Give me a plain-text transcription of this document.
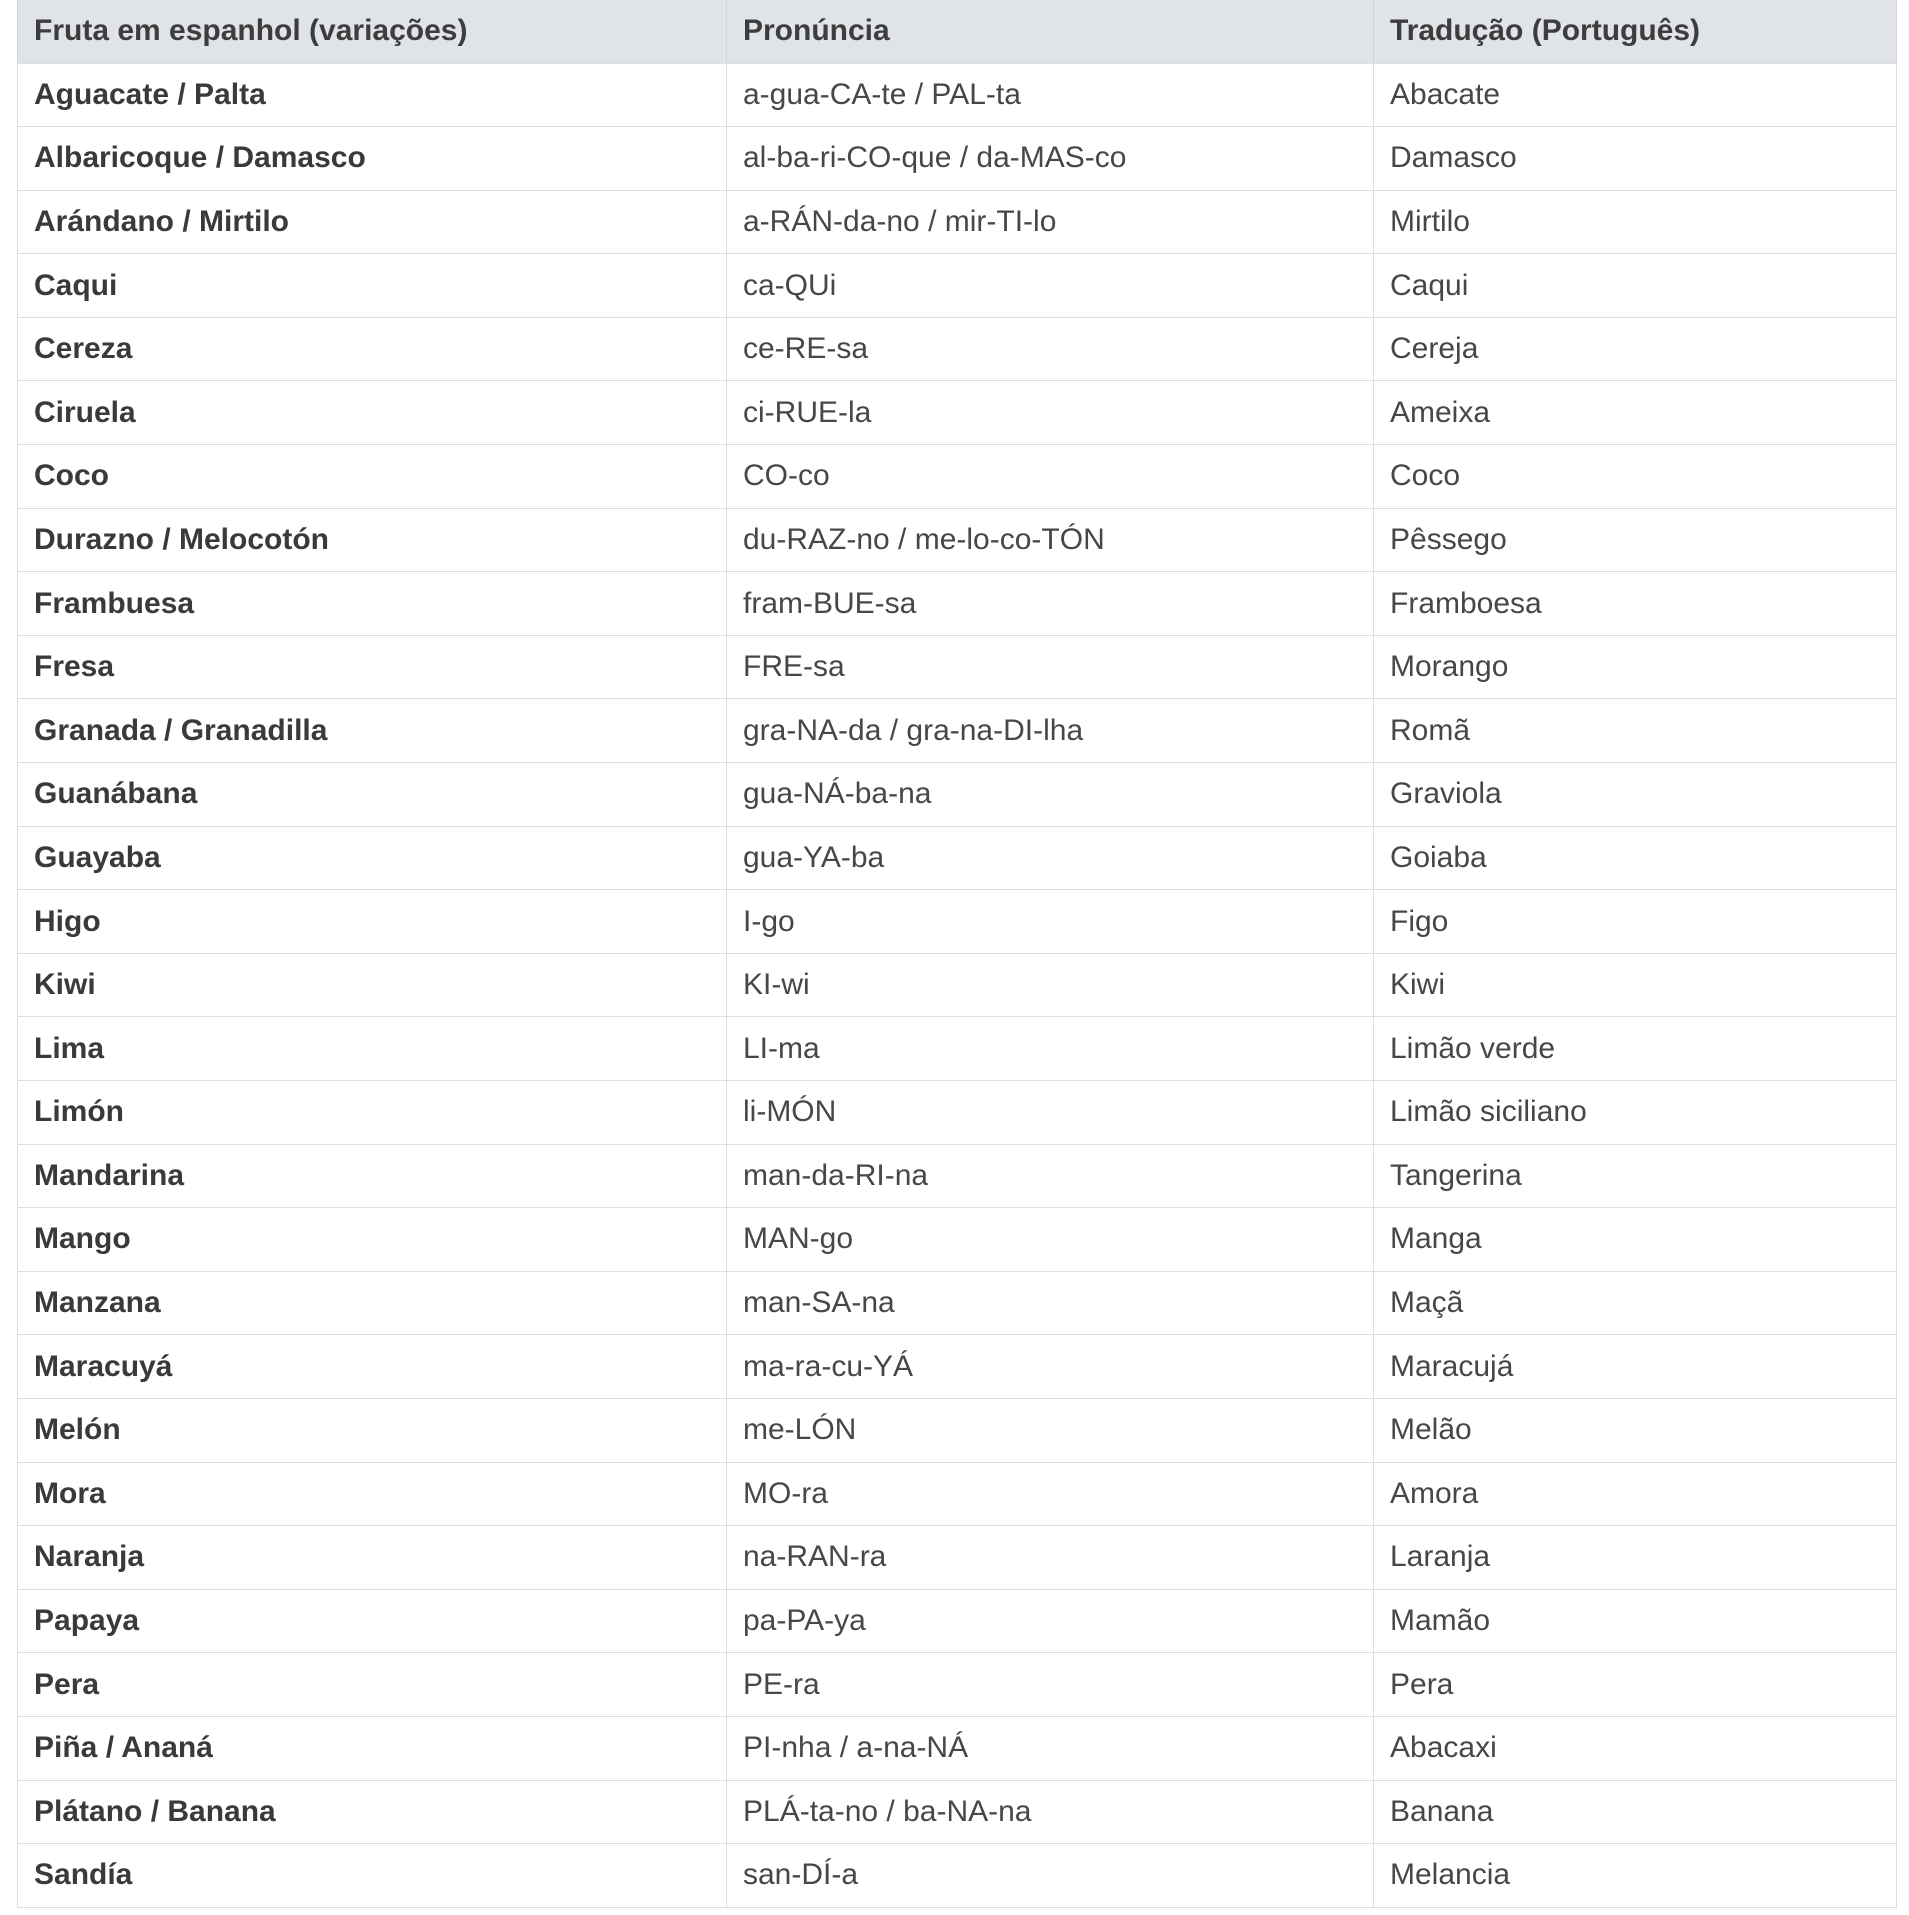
Fruta em espanhol (variações)	Pronúncia	Tradução (Português)
Aguacate / Palta	a-gua-CA-te / PAL-ta	Abacate
Albaricoque / Damasco	al-ba-ri-CO-que / da-MAS-co	Damasco
Arándano / Mirtilo	a-RÁN-da-no / mir-TI-lo	Mirtilo
Caqui	ca-QUi	Caqui
Cereza	ce-RE-sa	Cereja
Ciruela	ci-RUE-la	Ameixa
Coco	CO-co	Coco
Durazno / Melocotón	du-RAZ-no / me-lo-co-TÓN	Pêssego
Frambuesa	fram-BUE-sa	Framboesa
Fresa	FRE-sa	Morango
Granada / Granadilla	gra-NA-da / gra-na-DI-lha	Romã
Guanábana	gua-NÁ-ba-na	Graviola
Guayaba	gua-YA-ba	Goiaba
Higo	I-go	Figo
Kiwi	KI-wi	Kiwi
Lima	LI-ma	Limão verde
Limón	li-MÓN	Limão siciliano
Mandarina	man-da-RI-na	Tangerina
Mango	MAN-go	Manga
Manzana	man-SA-na	Maçã
Maracuyá	ma-ra-cu-YÁ	Maracujá
Melón	me-LÓN	Melão
Mora	MO-ra	Amora
Naranja	na-RAN-ra	Laranja
Papaya	pa-PA-ya	Mamão
Pera	PE-ra	Pera
Piña / Ananá	PI-nha / a-na-NÁ	Abacaxi
Plátano / Banana	PLÁ-ta-no / ba-NA-na	Banana
Sandía	san-DÍ-a	Melancia
